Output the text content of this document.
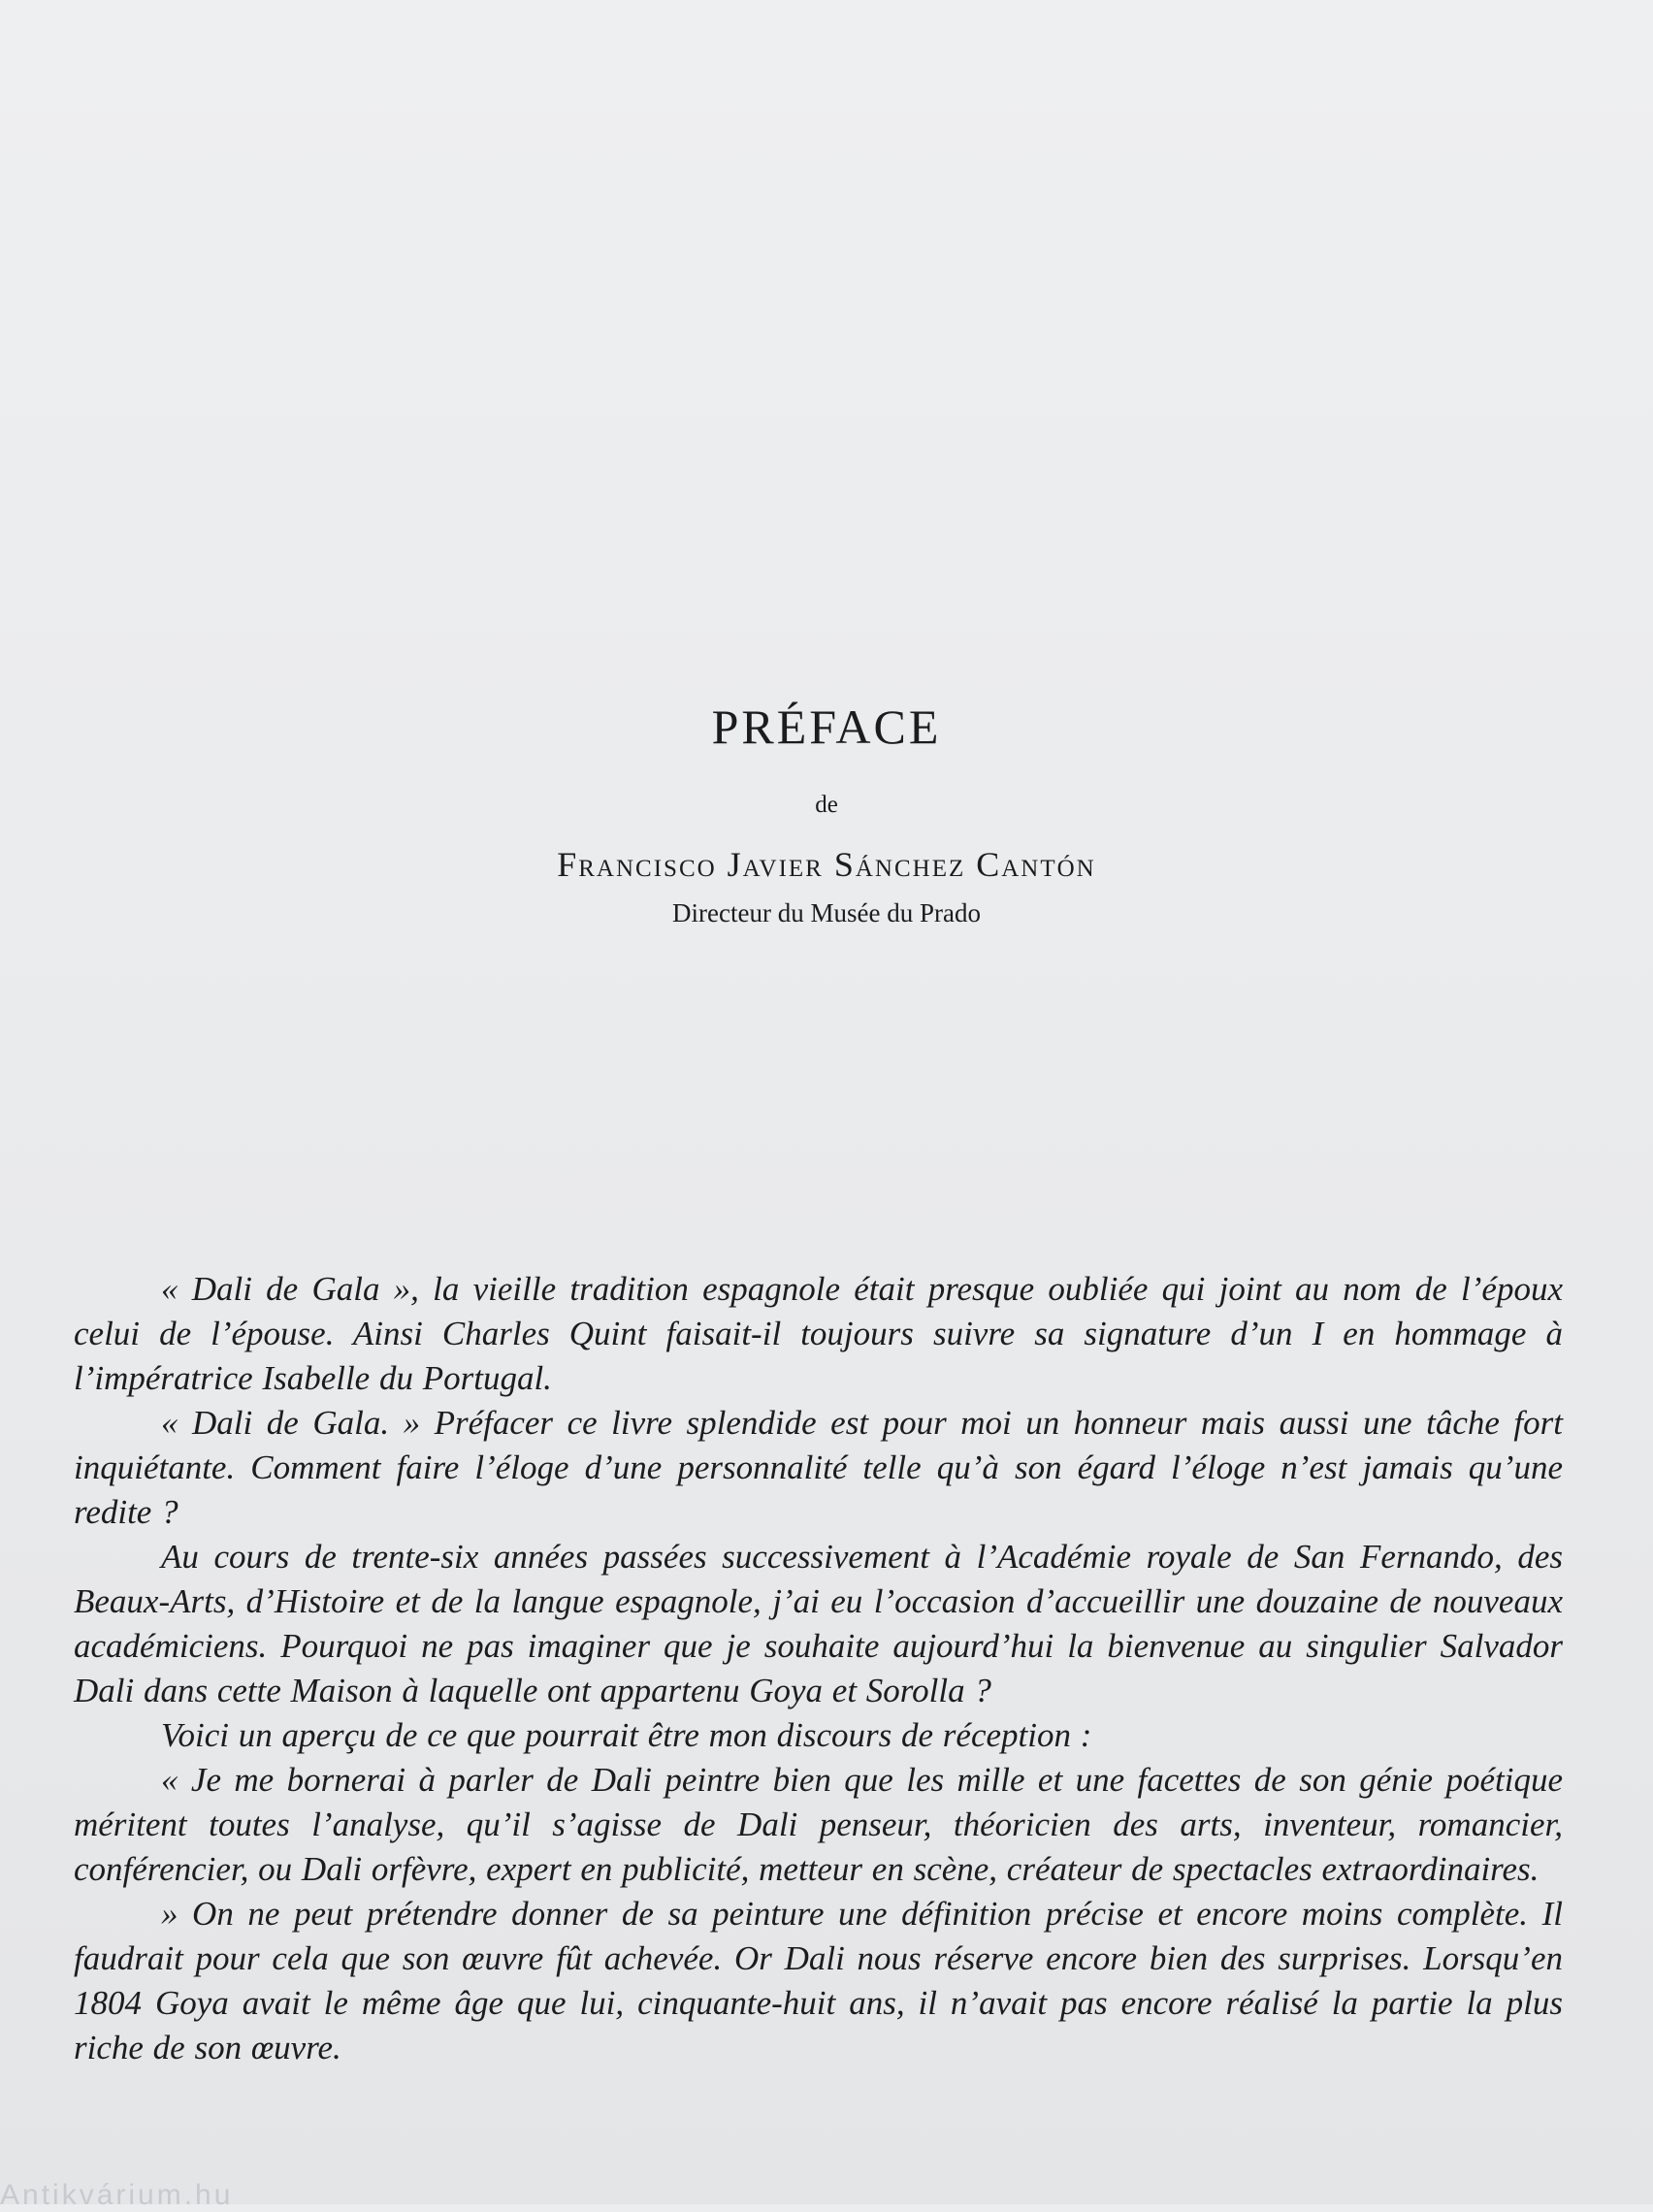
PRÉFACE
de
Francisco Javier Sánchez Cantón
Directeur du Musée du Prado

« Dali de Gala », la vieille tradition espagnole était presque oubliée qui joint au nom de l’époux celui de l’épouse. Ainsi Charles Quint faisait-il toujours suivre sa signature d’un I en hommage à l’impératrice Isabelle du Portugal.

« Dali de Gala. » Préfacer ce livre splendide est pour moi un honneur mais aussi une tâche fort inquiétante. Comment faire l’éloge d’une personnalité telle qu’à son égard l’éloge n’est jamais qu’une redite ?

Au cours de trente-six années passées successivement à l’Académie royale de San Fernando, des Beaux-Arts, d’Histoire et de la langue espagnole, j’ai eu l’occasion d’accueillir une douzaine de nouveaux académiciens. Pourquoi ne pas imaginer que je souhaite aujourd’hui la bienvenue au singulier Salvador Dali dans cette Maison à laquelle ont appartenu Goya et Sorolla ?

Voici un aperçu de ce que pourrait être mon discours de réception :

« Je me bornerai à parler de Dali peintre bien que les mille et une facettes de son génie poétique méritent toutes l’analyse, qu’il s’agisse de Dali penseur, théoricien des arts, inventeur, romancier, conférencier, ou Dali orfèvre, expert en publicité, metteur en scène, créateur de spectacles extraordinaires.

» On ne peut prétendre donner de sa peinture une définition précise et encore moins complète. Il faudrait pour cela que son œuvre fût achevée. Or Dali nous réserve encore bien des surprises. Lorsqu’en 1804 Goya avait le même âge que lui, cinquante-huit ans, il n’avait pas encore réalisé la partie la plus riche de son œuvre.

Antikvárium.hu
